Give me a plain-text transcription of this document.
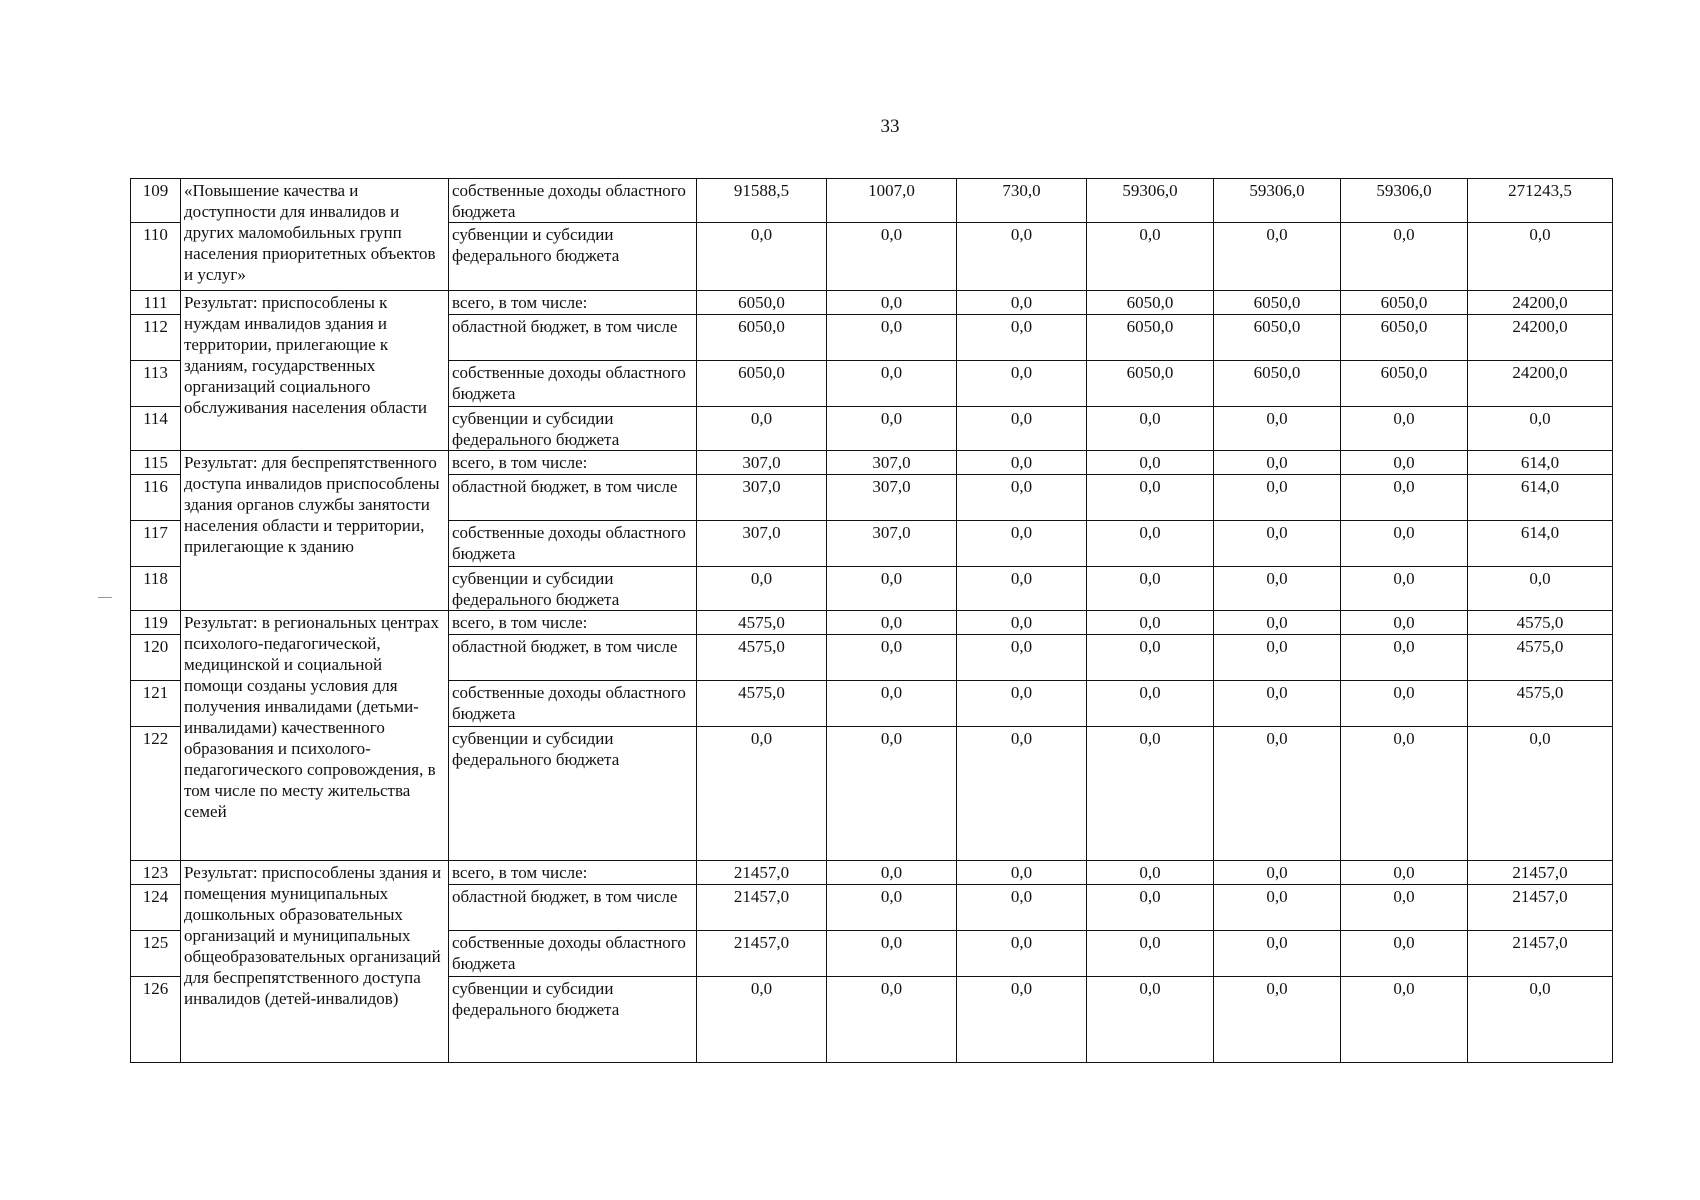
33
109	«Повышение качества и доступности для инвалидов и других маломобильных групп населения приоритетных объектов и услуг»	собственные доходы областного бюджета	91588,5	1007,0	730,0	59306,0	59306,0	59306,0	271243,5
110		субвенции и субсидии федерального бюджета	0,0	0,0	0,0	0,0	0,0	0,0	0,0
111	Результат: приспособлены к нуждам инвалидов здания и территории, прилегающие к зданиям, государственных организаций социального обслуживания населения области	всего, в том числе:	6050,0	0,0	0,0	6050,0	6050,0	6050,0	24200,0
112		областной бюджет, в том числе	6050,0	0,0	0,0	6050,0	6050,0	6050,0	24200,0
113		собственные доходы областного бюджета	6050,0	0,0	0,0	6050,0	6050,0	6050,0	24200,0
114		субвенции и субсидии федерального бюджета	0,0	0,0	0,0	0,0	0,0	0,0	0,0
115	Результат: для беспрепятственного доступа инвалидов приспособлены здания органов службы занятости населения области и территории, прилегающие к зданию	всего, в том числе:	307,0	307,0	0,0	0,0	0,0	0,0	614,0
116		областной бюджет, в том числе	307,0	307,0	0,0	0,0	0,0	0,0	614,0
117		собственные доходы областного бюджета	307,0	307,0	0,0	0,0	0,0	0,0	614,0
118		субвенции и субсидии федерального бюджета	0,0	0,0	0,0	0,0	0,0	0,0	0,0
119	Результат: в региональных центрах психолого-педагогической, медицинской и социальной помощи созданы условия для получения инвалидами (детьми-инвалидами) качественного образования и психолого-педагогического сопровождения, в том числе по месту жительства семей	всего, в том числе:	4575,0	0,0	0,0	0,0	0,0	0,0	4575,0
120		областной бюджет, в том числе	4575,0	0,0	0,0	0,0	0,0	0,0	4575,0
121		собственные доходы областного бюджета	4575,0	0,0	0,0	0,0	0,0	0,0	4575,0
122		субвенции и субсидии федерального бюджета	0,0	0,0	0,0	0,0	0,0	0,0	0,0
123	Результат: приспособлены здания и помещения муниципальных дошкольных образовательных организаций и муниципальных общеобразовательных организаций для беспрепятственного доступа инвалидов (детей-инвалидов)	всего, в том числе:	21457,0	0,0	0,0	0,0	0,0	0,0	21457,0
124		областной бюджет, в том числе	21457,0	0,0	0,0	0,0	0,0	0,0	21457,0
125		собственные доходы областного бюджета	21457,0	0,0	0,0	0,0	0,0	0,0	21457,0
126		субвенции и субсидии федерального бюджета	0,0	0,0	0,0	0,0	0,0	0,0	0,0
